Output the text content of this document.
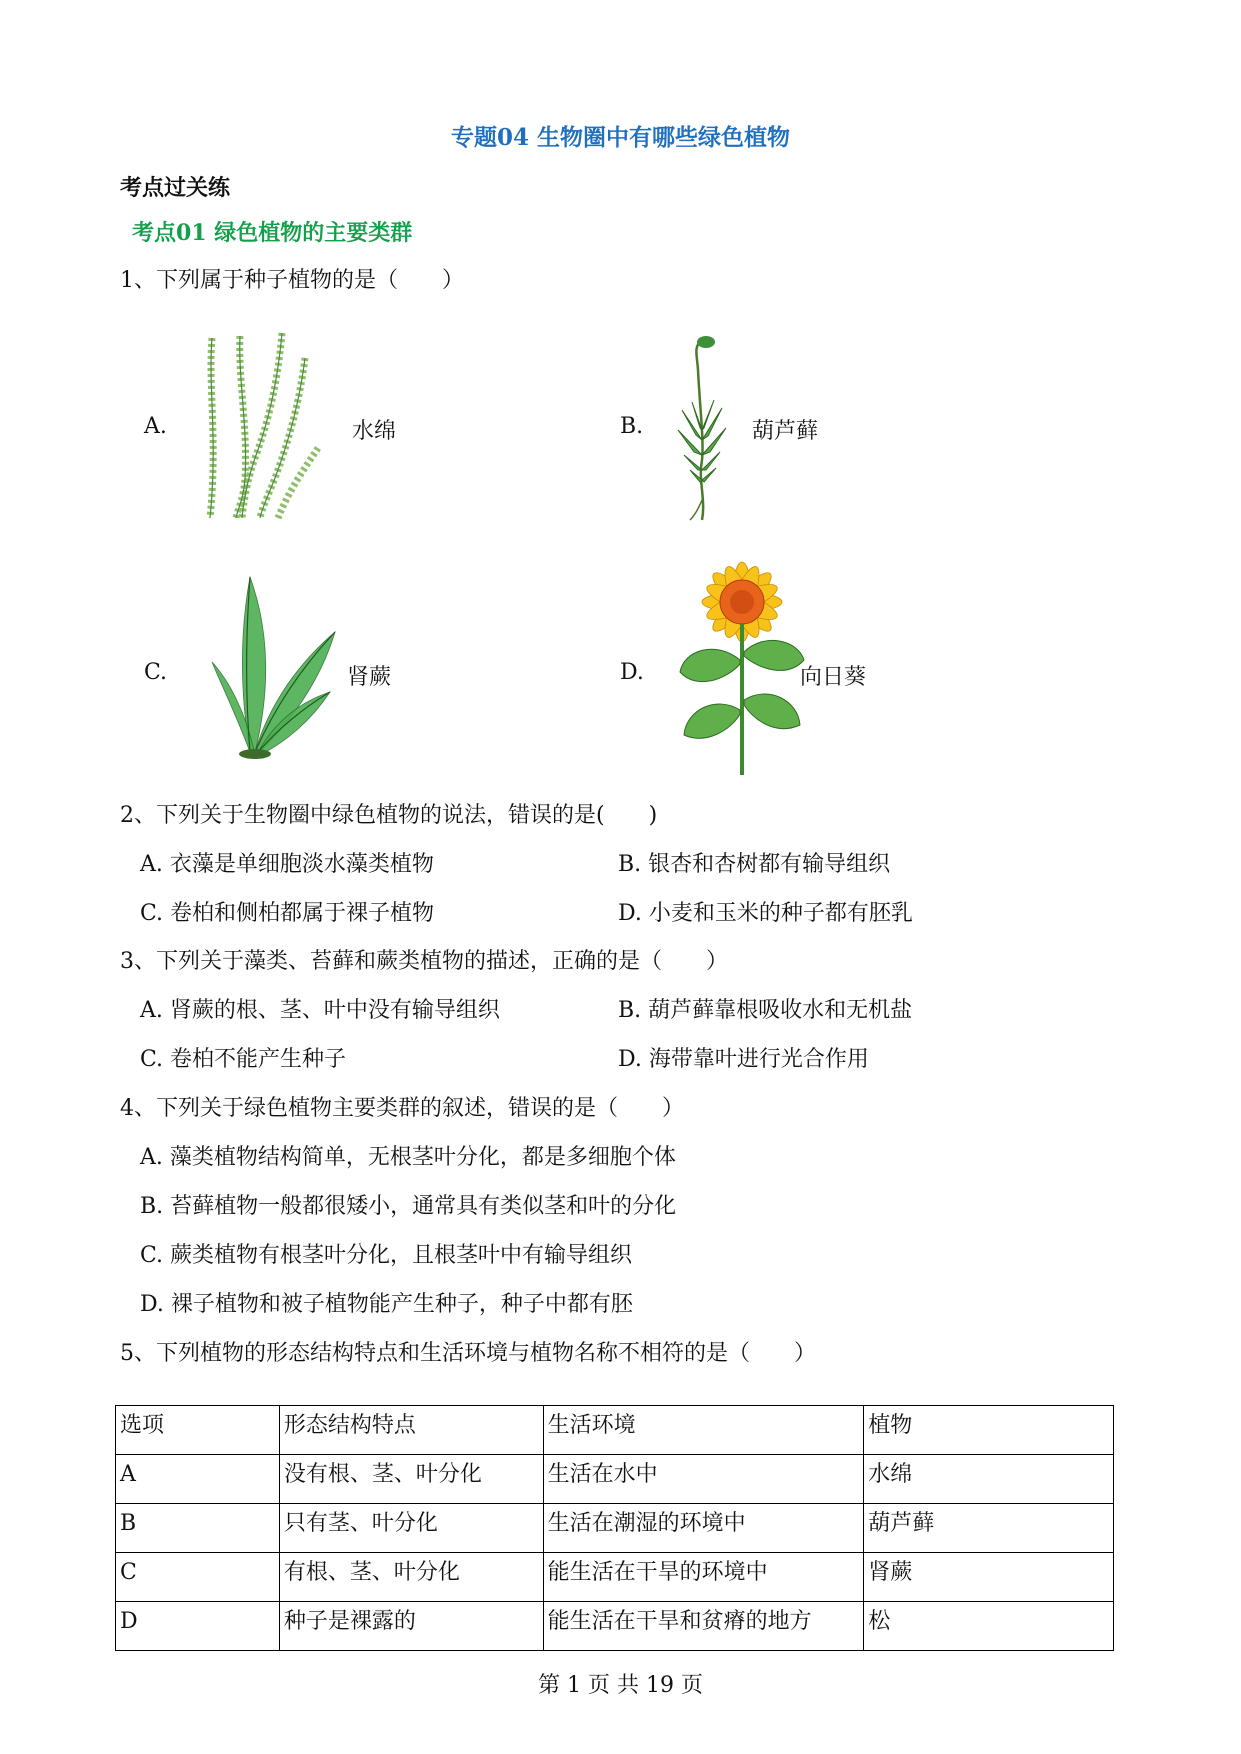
专题04 生物圈中有哪些绿色植物
考点过关练
考点01 绿色植物的主要类群
1、下列属于种子植物的是（　　）
A.	水绵	B.	葫芦藓
C.	肾蕨	D.	向日葵
2、下列关于生物圈中绿色植物的说法，错误的是(　　)
A. 衣藻是单细胞淡水藻类植物	B. 银杏和杏树都有输导组织
C. 卷柏和侧柏都属于裸子植物	D. 小麦和玉米的种子都有胚乳
3、下列关于藻类、苔藓和蕨类植物的描述，正确的是（　　）
A. 肾蕨的根、茎、叶中没有输导组织	B. 葫芦藓靠根吸收水和无机盐
C. 卷柏不能产生种子	D. 海带靠叶进行光合作用
4、下列关于绿色植物主要类群的叙述，错误的是（　　）
A. 藻类植物结构简单，无根茎叶分化，都是多细胞个体
B. 苔藓植物一般都很矮小，通常具有类似茎和叶的分化
C. 蕨类植物有根茎叶分化，且根茎叶中有输导组织
D. 裸子植物和被子植物能产生种子，种子中都有胚
5、下列植物的形态结构特点和生活环境与植物名称不相符的是（　　）
选项	形态结构特点	生活环境	植物
A	没有根、茎、叶分化	生活在水中	水绵
B	只有茎、叶分化	生活在潮湿的环境中	葫芦藓
C	有根、茎、叶分化	能生活在干旱的环境中	肾蕨
D	种子是裸露的	能生活在干旱和贫瘠的地方	松
第 1 页 共 19 页
